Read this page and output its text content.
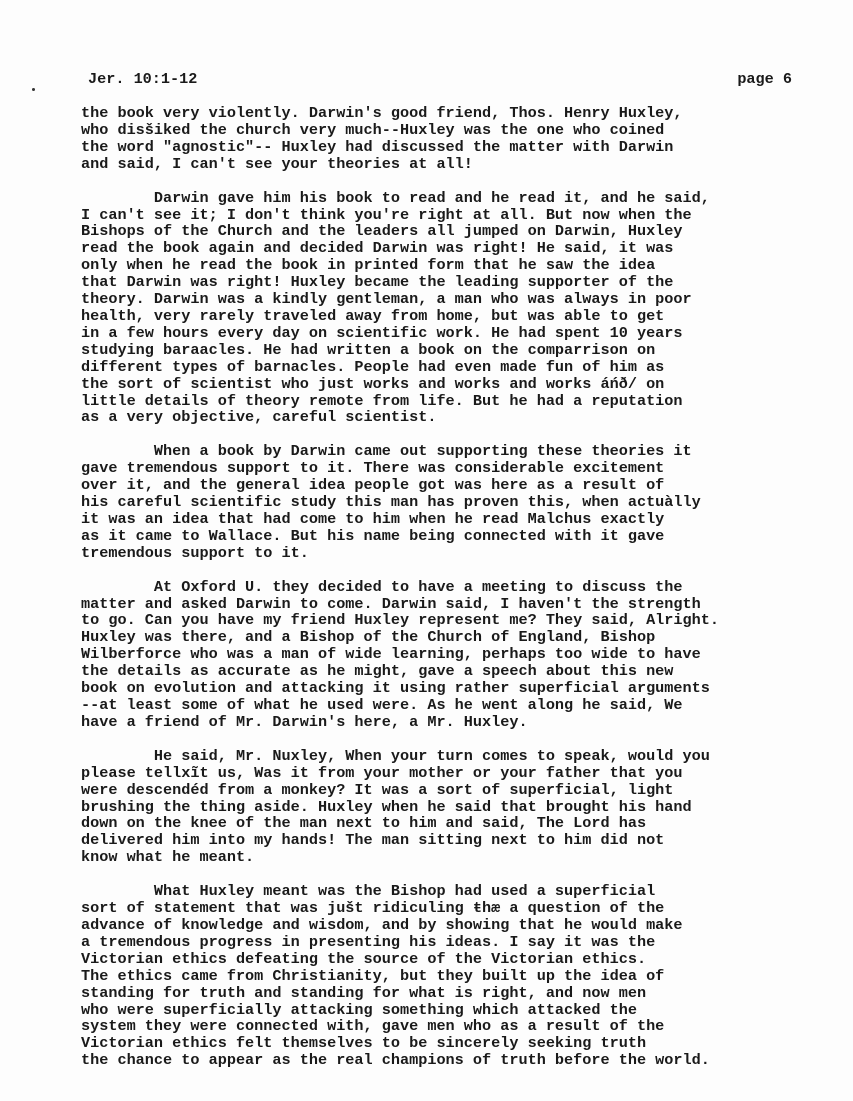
Jer. 10:1-12	page 6
the book very violently. Darwin's good friend, Thos. Henry Huxley,
who disšiked the church very much--Huxley was the one who coined
the word "agnostic"-- Huxley had discussed the matter with Darwin
and said, I can't see your theories at all!
Darwin gave him his book to read and he read it, and he said,
I can't see it; I don't think you're right at all. But now when the
Bishops of the Church and the leaders all jumped on Darwin, Huxley
read the book again and decided Darwin was right! He said, it was
only when he read the book in printed form that he saw the idea
that Darwin was right! Huxley became the leading supporter of the
theory. Darwin was a kindly gentleman, a man who was always in poor
health, very rarely traveled away from home, but was able to get
in a few hours every day on scientific work. He had spent 10 years
studying baraacles. He had written a book on the comparrison on
different types of barnacles. People had even made fun of him as
the sort of scientist who just works and works and works áńð/ on
little details of theory remote from life. But he had a reputation
as a very objective, careful scientist.
When a book by Darwin came out supporting these theories it
gave tremendous support to it. There was considerable excitement
over it, and the general idea people got was here as a result of
his careful scientific study this man has proven this, when actuàlly
it was an idea that had come to him when he read Malchus exactly
as it came to Wallace. But his name being connected with it gave
tremendous support to it.
At Oxford U. they decided to have a meeting to discuss the
matter and asked Darwin to come. Darwin said, I haven't the strength
to go. Can you have my friend Huxley represent me? They said, Alright.
Huxley was there, and a Bishop of the Church of England, Bishop
Wilberforce who was a man of wide learning, perhaps too wide to have
the details as accurate as he might, gave a speech about this new
book on evolution and attacking it using rather superficial arguments
--at least some of what he used were. As he went along he said, We
have a friend of Mr. Darwin's here, a Mr. Huxley.
He said, Mr. Nuxley, When your turn comes to speak, would you
please tellxĩt us, Was it from your mother or your father that you
were descendéd from a monkey? It was a sort of superficial, light
brushing the thing aside. Huxley when he said that brought his hand
down on the knee of the man next to him and said, The Lord has
delivered him into my hands! The man sitting next to him did not
know what he meant.
What Huxley meant was the Bishop had used a superficial
sort of statement that was jušt ridiculing ŧhæ a question of the
advance of knowledge and wisdom, and by showing that he would make
a tremendous progress in presenting his ideas. I say it was the
Victorian ethics defeating the source of the Victorian ethics.
The ethics came from Christianity, but they built up the idea of
standing for truth and standing for what is right, and now men
who were superficially attacking something which attacked the
system they were connected with, gave men who as a result of the
Victorian ethics felt themselves to be sincerely seeking truth
the chance to appear as the real champions of truth before the world.
